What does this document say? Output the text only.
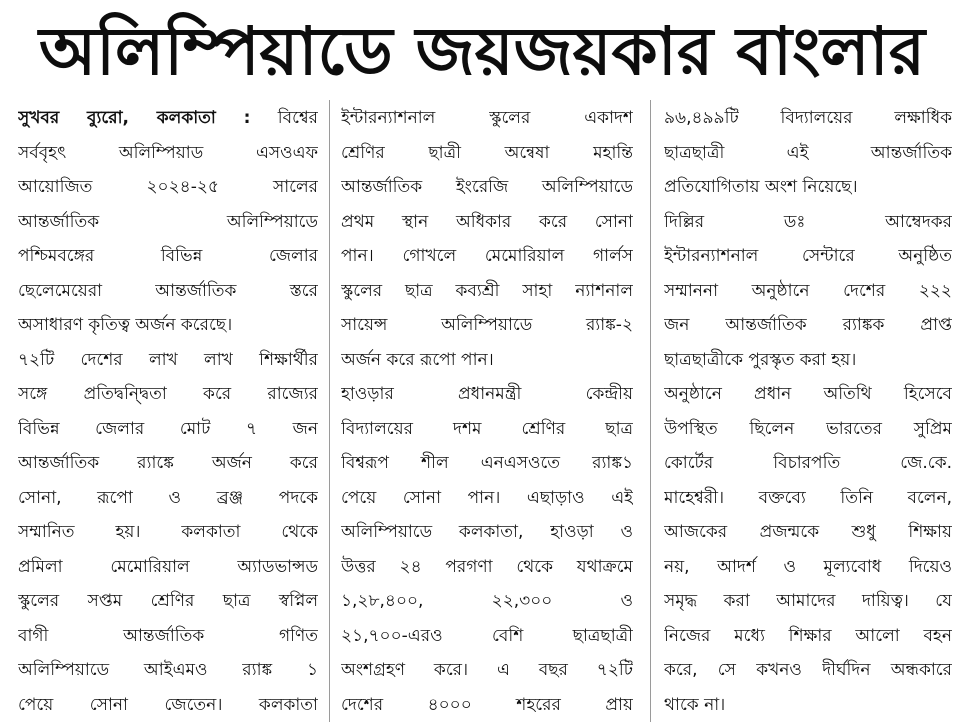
অলিম্পিয়াডে জয়জয়কার বাংলার
সুখবর ব্যুরো, কলকাতা : বিশ্বের
সর্ববৃহৎ অলিম্পিয়াড এসওএফ
আয়োজিত ২০২৪-২৫ সালের
আন্তর্জাতিক অলিম্পিয়াডে
পশ্চিমবঙ্গের বিভিন্ন জেলার
ছেলেমেয়েরা আন্তর্জাতিক স্তরে
অসাধারণ কৃতিত্ব অর্জন করেছে।
৭২টি দেশের লাখ লাখ শিক্ষার্থীর
সঙ্গে প্রতিদ্বন্দ্বিতা করে রাজ্যের
বিভিন্ন জেলার মোট ৭ জন
আন্তর্জাতিক র‍্যাঙ্কে অর্জন করে
সোনা, রূপো ও ব্রঞ্জ পদকে
সম্মানিত হয়। কলকাতা থেকে
প্রমিলা মেমোরিয়াল অ্যাডভান্সড
স্কুলের সপ্তম শ্রেণির ছাত্র স্বপ্নিল
বাগী আন্তর্জাতিক গণিত
অলিম্পিয়াডে আইএমও র‍্যাঙ্ক ১
পেয়ে সোনা জেতেন। কলকাতা
ইন্টারন্যাশনাল স্কুলের একাদশ
শ্রেণির ছাত্রী অন্বেষা মহান্তি
আন্তর্জাতিক ইংরেজি অলিম্পিয়াডে
প্রথম স্থান অধিকার করে সোনা
পান। গোখলে মেমোরিয়াল গার্লস
স্কুলের ছাত্র কব্যশ্রী সাহা ন্যাশনাল
সায়েন্স অলিম্পিয়াডে র‍্যাঙ্ক-২
অর্জন করে রূপো পান।
হাওড়ার প্রধানমন্ত্রী কেন্দ্রীয়
বিদ্যালয়ের দশম শ্রেণির ছাত্র
বিশ্বরূপ শীল এনএসওতে র‍্যাঙ্ক১
পেয়ে সোনা পান। এছাড়াও এই
অলিম্পিয়াডে কলকাতা, হাওড়া ও
উত্তর ২৪ পরগণা থেকে যথাক্রমে
১,২৮,৪০০, ২২,৩০০ ও
২১,৭০০-এরও বেশি ছাত্রছাত্রী
অংশগ্রহণ করে। এ বছর ৭২টি
দেশের ৪০০০ শহরের প্রায়
৯৬,৪৯৯টি বিদ্যালয়ের লক্ষাধিক
ছাত্রছাত্রী এই আন্তর্জাতিক
প্রতিযোগিতায় অংশ নিয়েছে।
দিল্লির ডঃ আম্বেদকর
ইন্টারন্যাশনাল সেন্টারে অনুষ্ঠিত
সম্মাননা অনুষ্ঠানে দেশের ২২২
জন আন্তর্জাতিক র‍্যাঙ্কক প্রাপ্ত
ছাত্রছাত্রীকে পুরস্কৃত করা হয়।
অনুষ্ঠানে প্রধান অতিথি হিসেবে
উপস্থিত ছিলেন ভারতের সুপ্রিম
কোর্টের বিচারপতি জে.কে.
মাহেশ্বরী। বক্তব্যে তিনি বলেন,
আজকের প্রজন্মকে শুধু শিক্ষায়
নয়, আদর্শ ও মূল্যবোধ দিয়েও
সমৃদ্ধ করা আমাদের দায়িত্ব। যে
নিজের মধ্যে শিক্ষার আলো বহন
করে, সে কখনও দীর্ঘদিন অন্ধকারে
থাকে না।
